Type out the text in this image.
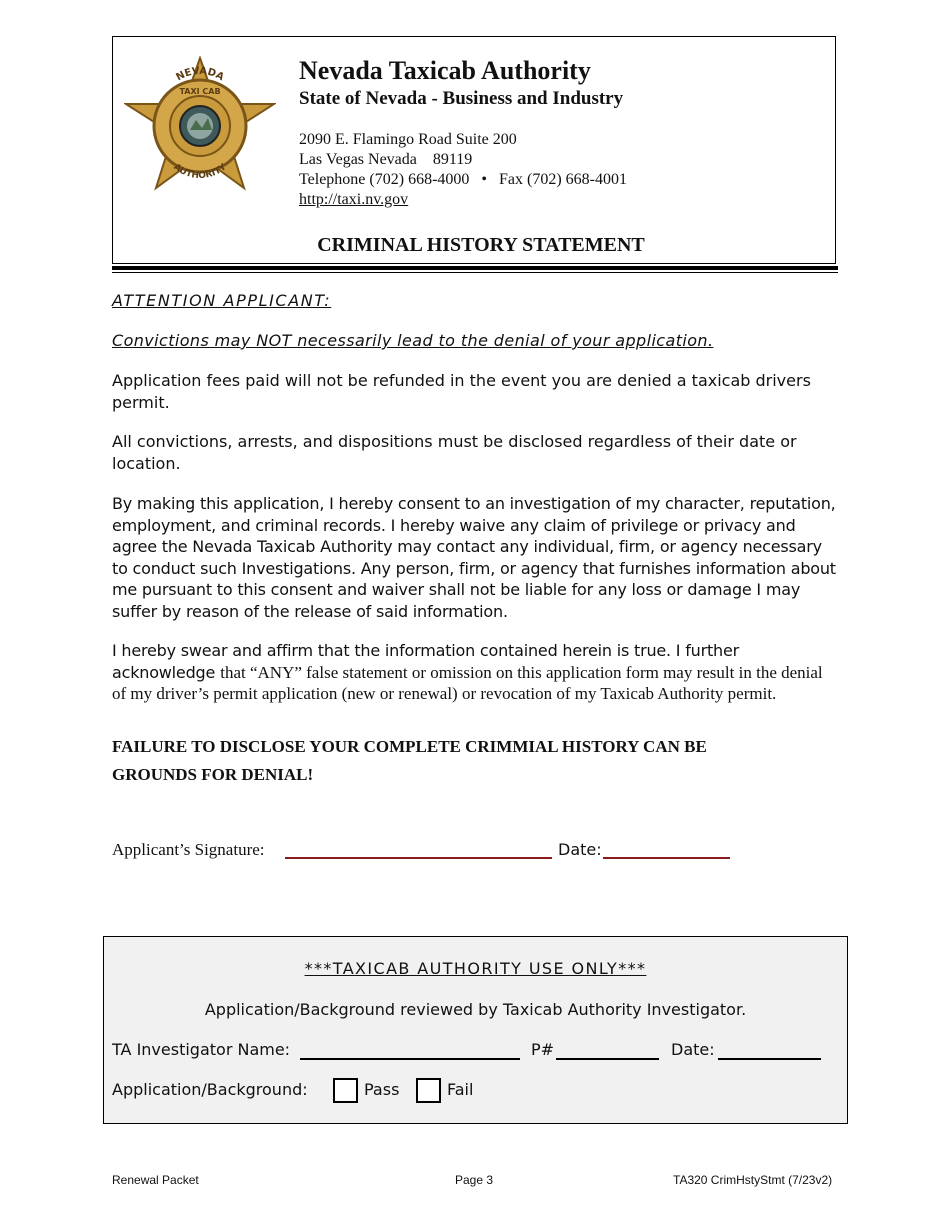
NEVADA
TAXI CAB
AUTHORITY
Nevada Taxicab Authority
State of Nevada - Business and Industry
2090 E. Flamingo Road Suite 200
Las Vegas Nevada 89119
Telephone (702) 668-4000 • Fax (702) 668-4001
http://taxi.nv.gov
CRIMINAL HISTORY STATEMENT
ATTENTION APPLICANT:
Convictions may NOT necessarily lead to the denial of your application.
Application fees paid will not be refunded in the event you are denied a taxicab drivers permit.
All convictions, arrests, and dispositions must be disclosed regardless of their date or location.
By making this application, I hereby consent to an investigation of my character, reputation, employment, and criminal records. I hereby waive any claim of privilege or privacy and agree the Nevada Taxicab Authority may contact any individual, firm, or agency necessary to conduct such Investigations. Any person, firm, or agency that furnishes information about me pursuant to this consent and waiver shall not be liable for any loss or damage I may suffer by reason of the release of said information.
I hereby swear and affirm that the information contained herein is true. I further acknowledge that “ANY” false statement or omission on this application form may result in the denial of my driver’s permit application (new or renewal) or revocation of my Taxicab Authority permit.
FAILURE TO DISCLOSE YOUR COMPLETE CRIMMIAL HISTORY CAN BE GROUNDS FOR DENIAL!
Applicant’s Signature:	Date:
***TAXICAB AUTHORITY USE ONLY***
Application/Background reviewed by Taxicab Authority Investigator.
TA Investigator Name:	P#	Date:
Application/Background:	Pass	Fail
Renewal Packet	Page 3	TA320 CrimHstyStmt (7/23v2)
